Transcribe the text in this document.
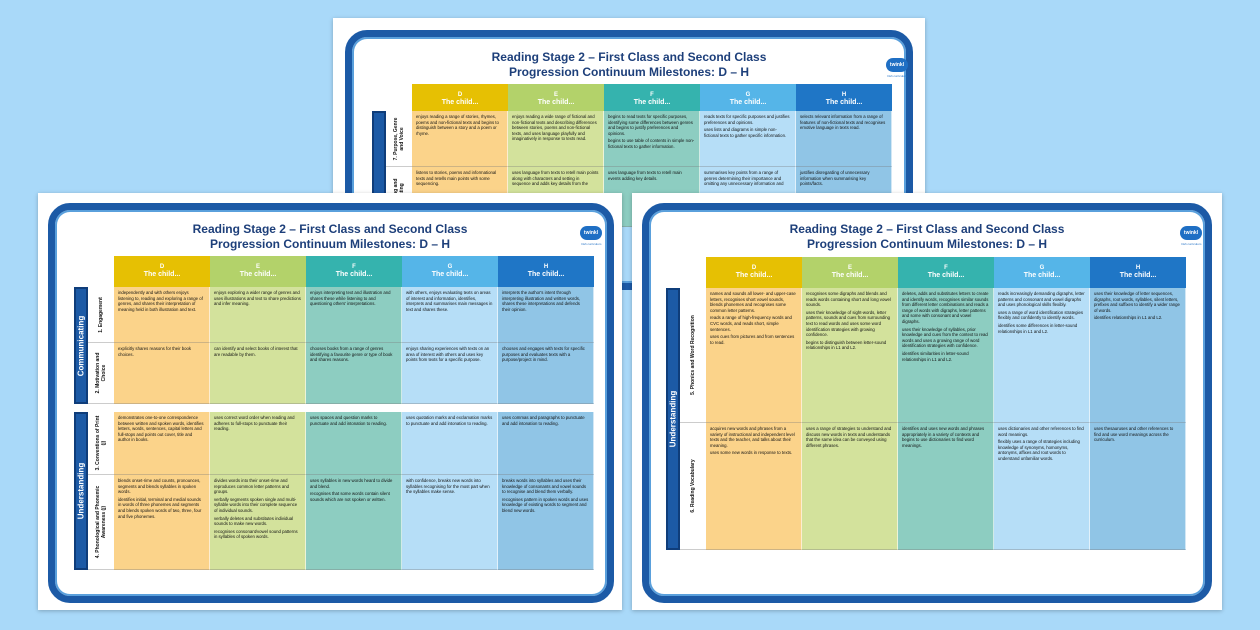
Reading Stage 2 – First Class and Second Class
Progression Continuum Milestones: D – H	twinkl
Irish curriculum
D
The child...
E
The child...
F
The child...
G
The child...
H
The child...
7. Purpose, Genre and Voice

enjoys reading a range of stories, rhymes, poems and non-fictional texts and begins to distinguish between a story and a poem or rhyme.

enjoys reading a wide range of fictional and non-fictional texts and describing differences between stories, poems and non-fictional texts, and uses language playfully and imaginatively in response to texts read.

begins to read texts for specific purposes, identifying some differences between genres and begins to justify preferences and opinions.

begins to use table of contents in simple non-fictional texts to gather information.

reads texts for specific purposes and justifies preferences and opinions.

uses lists and diagrams in simple non-fictional texts to gather specific information.

selects relevant information from a range of features of non-fictional texts and recognises emotive language in texts read.

listens to stories, poems and informational texts and retells main points with some sequencing.

uses language from texts to retell main points along with characters and setting in sequence and adds key details from the

uses language from texts to retell main events adding key details.

summarises key points from a range of genres determining their importance and omitting any unnecessary information and

justifies disregarding of unnecessary information when summarising key points/facts.

Reading Stage 2 – First Class and Second Class
Progression Continuum Milestones: D – H
twinkl
Irish curriculum
D
The child...
E
The child...
F
The child...
G
The child...
H
The child...
Communicating
1. Engagement

independently and with others enjoys listening to, reading and exploring a range of genres, and shares their interpretation of meaning held in both illustration and text.

enjoys exploring a wider range of genres and uses illustrations and text to share predictions and infer meaning.

enjoys interpreting text and illustration and shares these while listening to and questioning others' interpretations.

with others, enjoys evaluating texts on areas of interest and information, identifies, interprets and summarises main messages in text and shares these.

interprets the author's intent through interpreting illustration and written words, shares these interpretations and defends their opinion.

2. Motivation and Choice

explicitly shares reasons for their book choices.

can identify and select books of interest that are readable by them.

chooses books from a range of genres identifying a favourite genre or type of book and shares reasons.

enjoys sharing experiences with texts on an area of interest with others and uses key points from texts for a specific purpose.

chooses and engages with texts for specific purposes and evaluates texts with a purpose/project in mind.

Understanding
3. Conventions of Print (j)

demonstrates one-to-one correspondence between written and spoken words, identifies letters, words, sentences, capital letters and full-stops and points out cover, title and author in books.

uses correct word order when reading and adheres to full-stops to punctuate their reading.

uses spaces and question marks to punctuate and add intonation to reading.

uses quotation marks and exclamation marks to punctuate and add intonation to reading.

uses commas and paragraphs to punctuate and add intonation to reading.

4. Phonological and Phonemic Awareness (j)

blends onset-rime and counts, pronounces, segments and blends syllables in spoken words.

identifies initial, terminal and medial sounds in words of three phonemes and segments and blends spoken words of two, three, four and five phonemes.

divides words into their onset-rime and reproduces common letter patterns and groups.

verbally segments spoken single and multi-syllable words into their complete sequence of individual sounds.

verbally deletes and substitutes individual sounds to make new words.

recognises consonant/vowel sound patterns in syllables of spoken words.

uses syllables in new words heard to divide and blend.

recognises that some words contain silent sounds which are not spoken or written.

with confidence, breaks new words into syllables recognising for the most part when the syllables make sense.

breaks words into syllables and uses their knowledge of consonants and vowel sounds to recognise and blend them verbally.

recognises pattern in spoken words and uses knowledge of existing words to segment and blend new words.

Reading Stage 2 – First Class and Second Class
Progression Continuum Milestones: D – H
twinkl
Irish curriculum
D
The child...
E
The child...
F
The child...
G
The child...
H
The child...
Understanding
5. Phonics and Word Recognition

names and sounds all lower- and upper-case letters, recognises short vowel sounds, blends phonemes and recognises some common letter patterns.

reads a range of high-frequency words and CVC words, and reads short, simple sentences.

uses cues from pictures and from sentences to read.

recognises some digraphs and blends and reads words containing short and long vowel sounds.

uses their knowledge of sight-words, letter patterns, sounds and cues from surrounding text to read words and uses some word identification strategies with growing confidence.

begins to distinguish between letter-sound relationships in L1 and L2.

deletes, adds and substitutes letters to create and identify words, recognises similar sounds from different letter combinations and reads a range of words with digraphs, letter patterns and some with consonant and vowel digraphs.

uses their knowledge of syllables, prior knowledge and cues from the context to read words and uses a growing range of word identification strategies with confidence.

identifies similarities in letter-sound relationships in L1 and L2.

reads increasingly demanding digraphs, letter patterns and consonant and vowel digraphs and uses phonological skills flexibly.

uses a range of word identification strategies flexibly and confidently to identify words.

identifies some differences in letter-sound relationships in L1 and L2.

uses their knowledge of letter sequences, digraphs, root words, syllables, silent letters, prefixes and suffixes to identify a wider range of words.

identifies relationships in L1 and L2.

6. Reading Vocabulary

acquires new words and phrases from a variety of instructional and independent level texts and the teacher, and talks about their meaning.

uses some new words in response to texts.

uses a range of strategies to understand and discuss new words in texts and understands that the same idea can be conveyed using different phrases.

identifies and uses new words and phrases appropriately in a variety of contexts and begins to use dictionaries to find word meanings.

uses dictionaries and other references to find word meanings.

flexibly uses a range of strategies including knowledge of synonyms, homonyms, antonyms, affixes and root words to understand unfamiliar words.

uses thesauruses and other references to find and use word meanings across the curriculum.
